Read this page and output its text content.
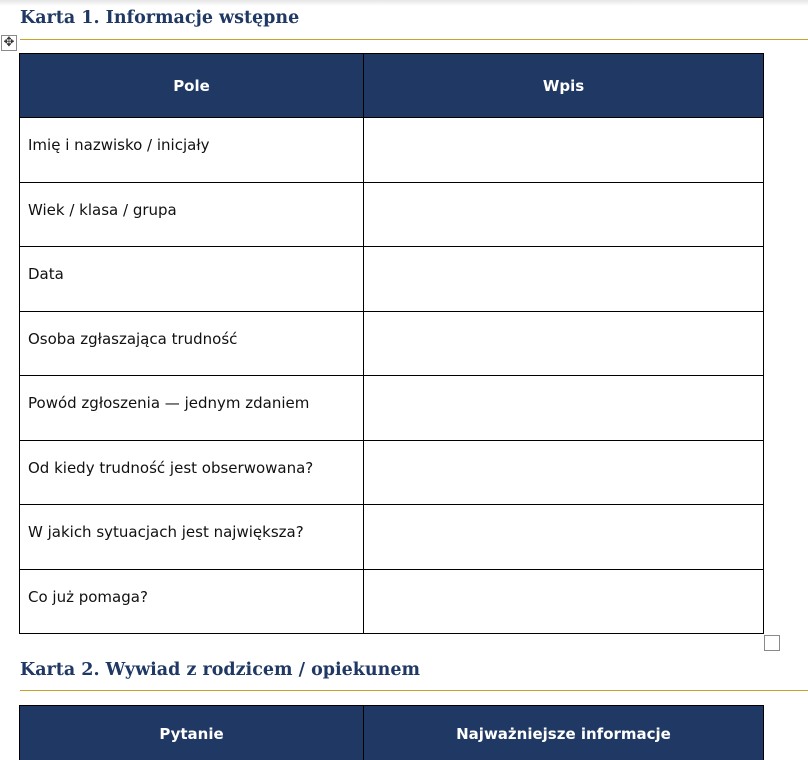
Karta 1. Informacje wstępne
✥
Pole	Wpis

Imię i nazwisko / inicjały	

Wiek / klasa / grupa	

Data	

Osoba zgłaszająca trudność	

Powód zgłoszenia — jednym zdaniem	

Od kiedy trudność jest obserwowana?	

W jakich sytuacjach jest największa?	

Co już pomaga?	

Karta 2. Wywiad z rodzicem / opiekunem
Pytanie	Najważniejsze informacje
